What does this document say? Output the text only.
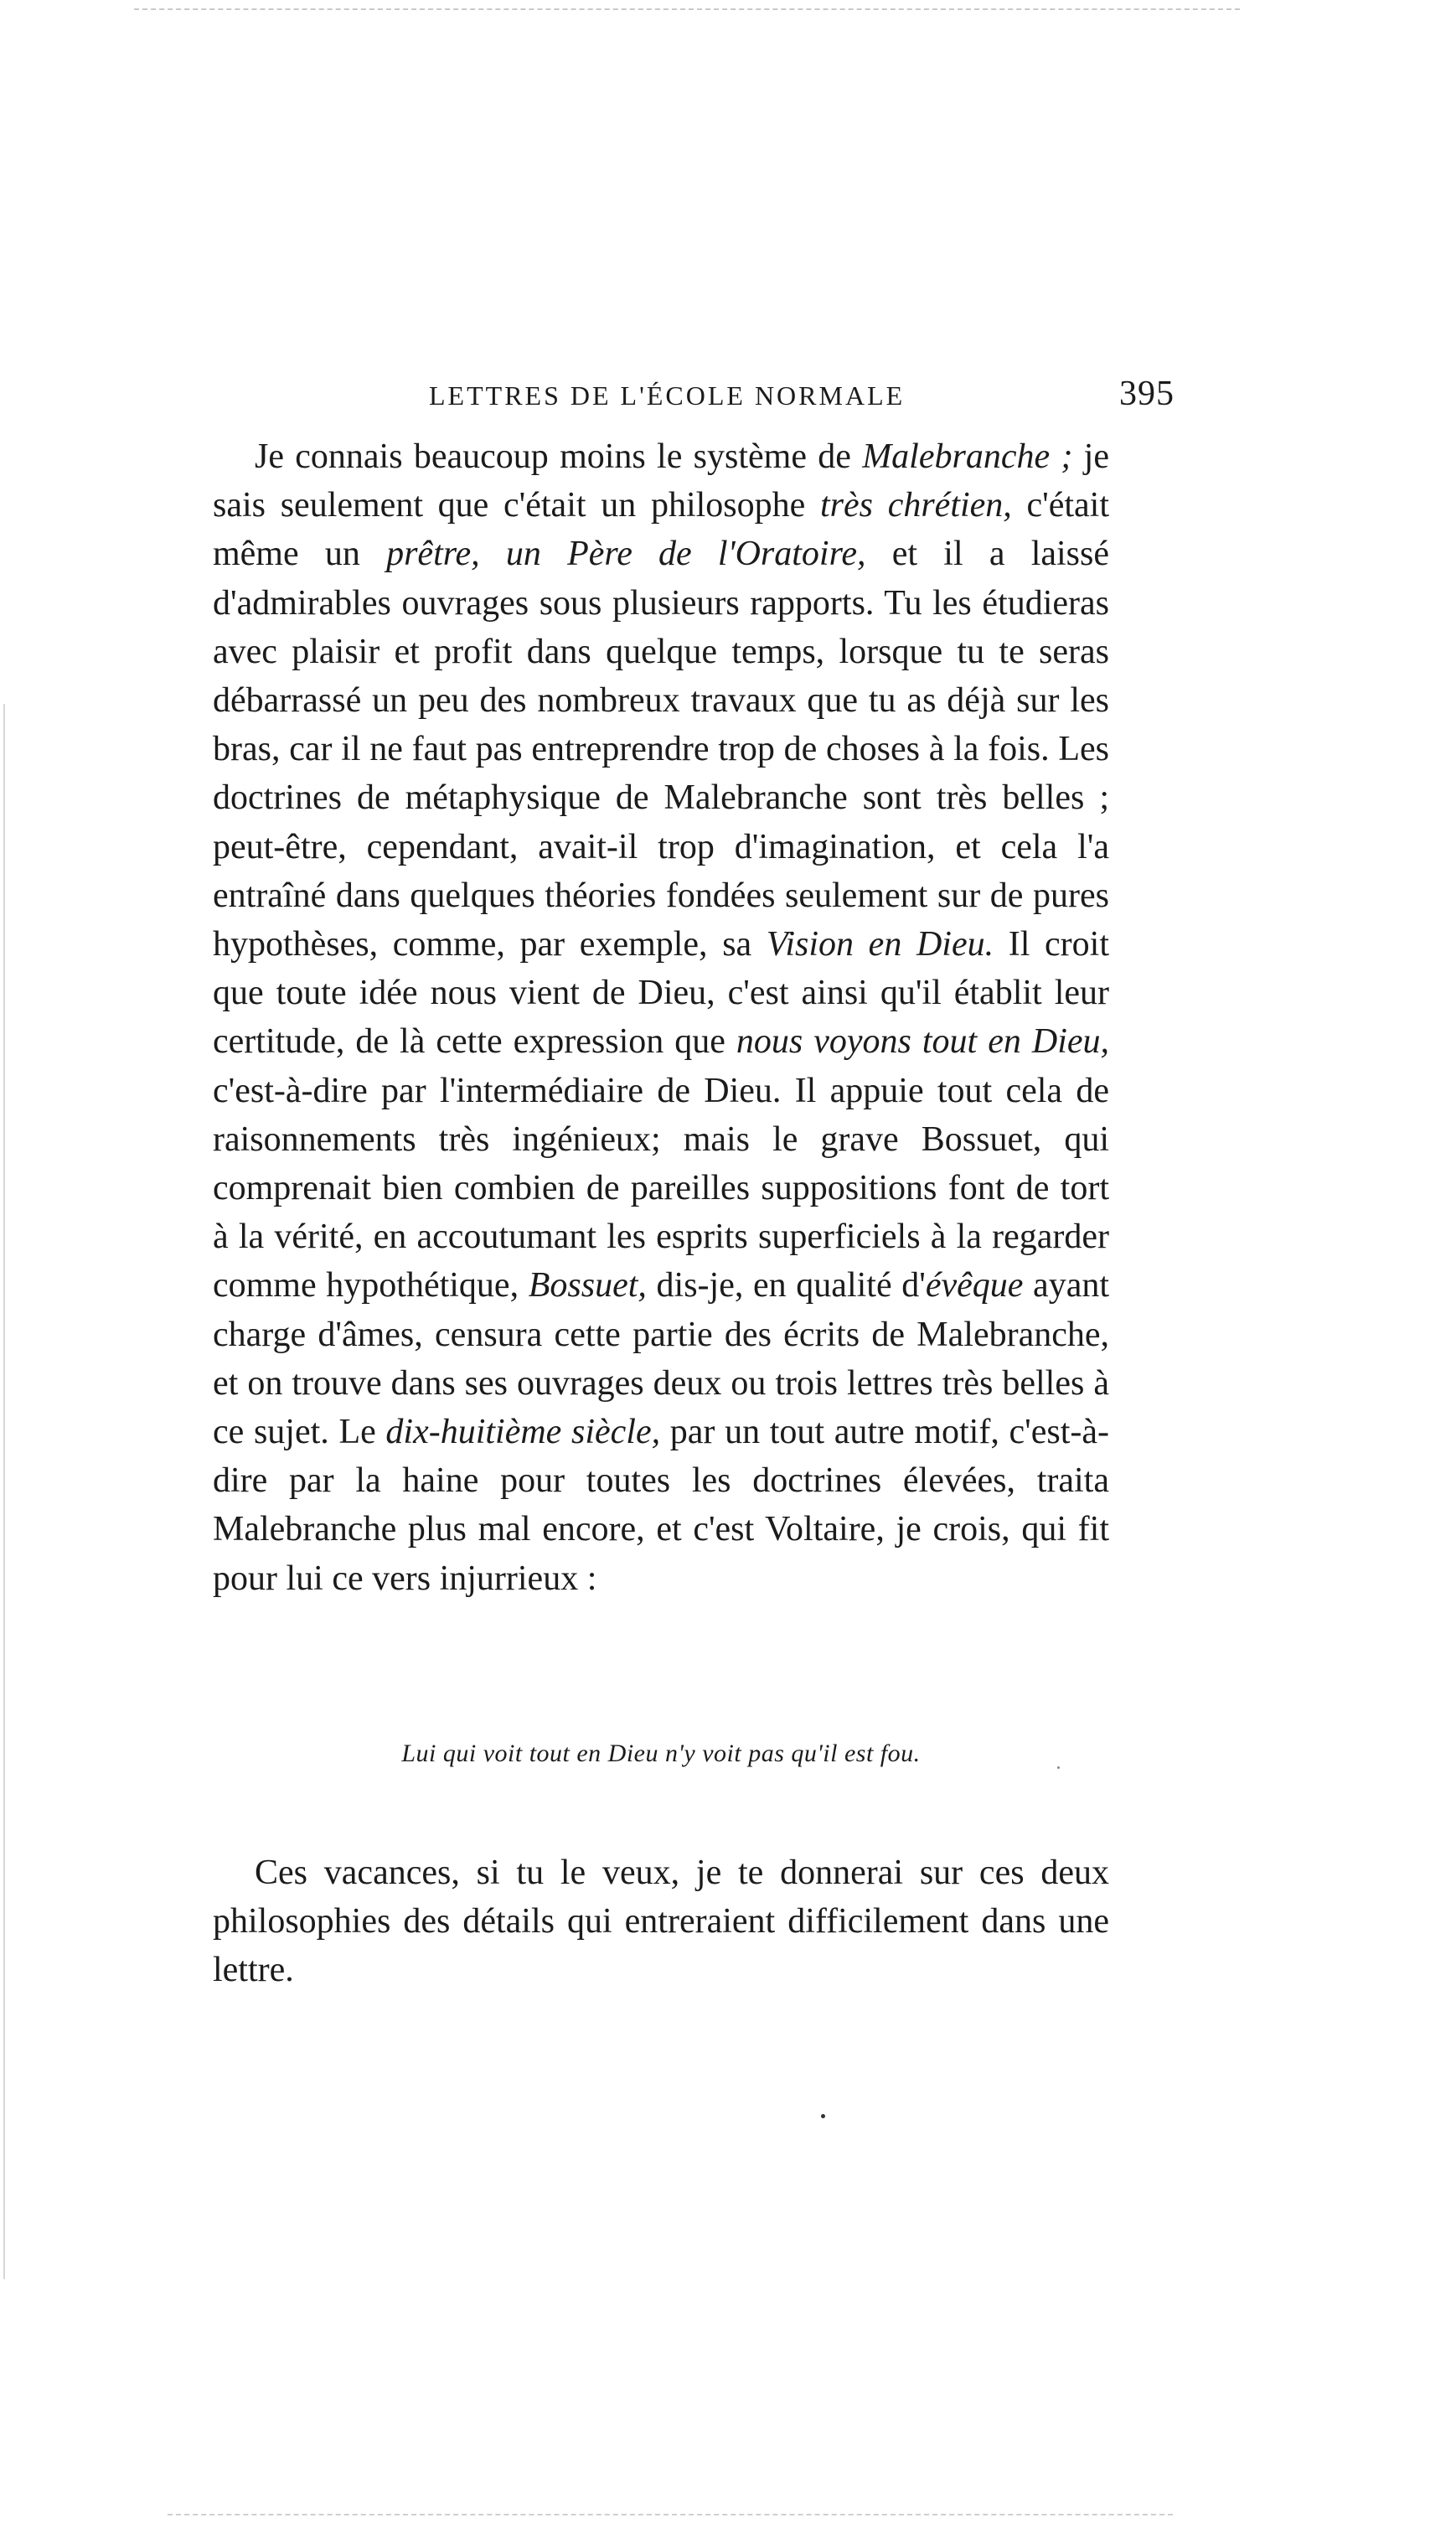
LETTRES DE L'ÉCOLE NORMALE	395

Je connais beaucoup moins le système de Malebranche ; je sais seulement que c'était un philosophe très chrétien, c'était même un prêtre, un Père de l'Oratoire, et il a laissé d'admirables ouvrages sous plusieurs rapports. Tu les étudieras avec plaisir et profit dans quelque temps, lorsque tu te seras débarrassé un peu des nombreux travaux que tu as déjà sur les bras, car il ne faut pas entreprendre trop de choses à la fois. Les doctrines de métaphysique de Malebranche sont très belles ; peut-être, cependant, avait-il trop d'imagination, et cela l'a entraîné dans quelques théories fondées seulement sur de pures hypothèses, comme, par exemple, sa Vision en Dieu. Il croit que toute idée nous vient de Dieu, c'est ainsi qu'il établit leur certitude, de là cette expression que nous voyons tout en Dieu, c'est-à-dire par l'intermédiaire de Dieu. Il appuie tout cela de raisonnements très ingénieux; mais le grave Bossuet, qui comprenait bien combien de pareilles suppositions font de tort à la vérité, en accoutumant les esprits superficiels à la regarder comme hypothétique, Bossuet, dis-je, en qualité d'évêque ayant charge d'âmes, censura cette partie des écrits de Malebranche, et on trouve dans ses ouvrages deux ou trois lettres très belles à ce sujet. Le dix-huitième siècle, par un tout autre motif, c'est-à-dire par la haine pour toutes les doctrines élevées, traita Malebranche plus mal encore, et c'est Voltaire, je crois, qui fit pour lui ce vers injurrieux :

Lui qui voit tout en Dieu n'y voit pas qu'il est fou.

Ces vacances, si tu le veux, je te donnerai sur ces deux philosophies des détails qui entreraient difficilement dans une lettre.
